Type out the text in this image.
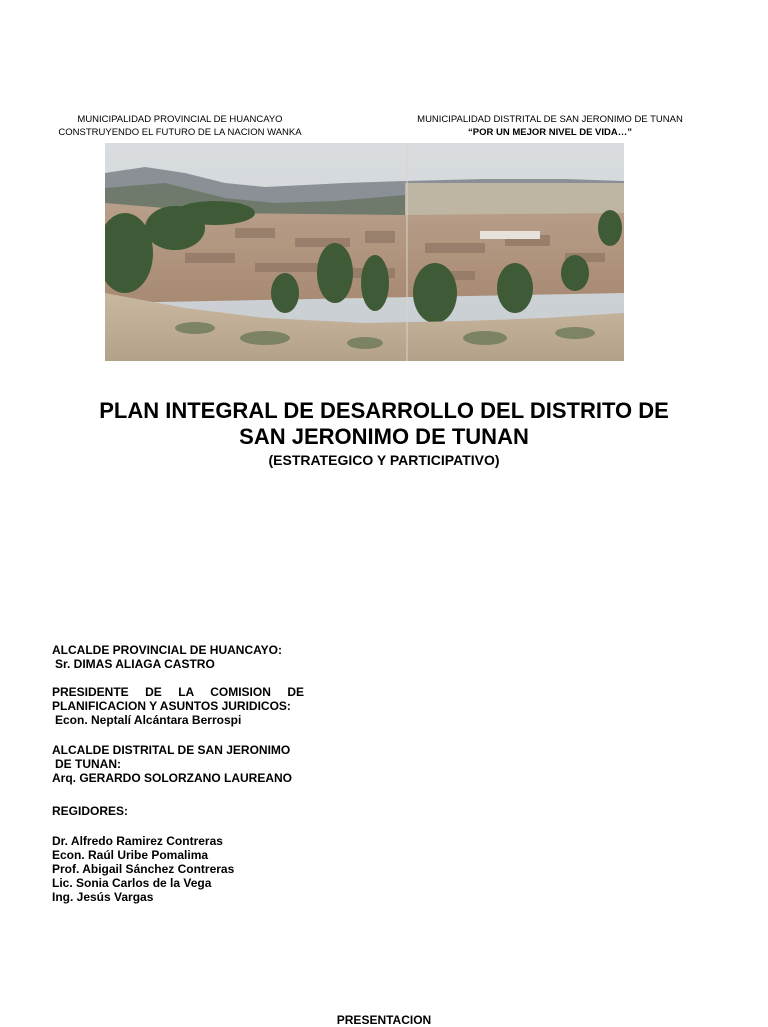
MUNICIPALIDAD PROVINCIAL DE HUANCAYO
CONSTRUYENDO EL FUTURO DE LA NACION WANKA
MUNICIPALIDAD DISTRITAL DE SAN JERONIMO DE TUNAN
“POR UN MEJOR NIVEL DE VIDA…”
PLAN INTEGRAL DE DESARROLLO DEL DISTRITO DE
SAN JERONIMO DE TUNAN
(ESTRATEGICO Y PARTICIPATIVO)
ALCALDE PROVINCIAL DE HUANCAYO:
Sr. DIMAS ALIAGA CASTRO
PRESIDENTE DE LA COMISION DE
PLANIFICACION Y ASUNTOS JURIDICOS:
Econ. Neptalí Alcántara Berrospi
ALCALDE DISTRITAL DE SAN JERONIMO
DE TUNAN:
Arq. GERARDO SOLORZANO LAUREANO
REGIDORES:
Dr. Alfredo Ramirez Contreras
Econ. Raúl Uribe Pomalima
Prof. Abigail Sánchez Contreras
Lic. Sonia Carlos de la Vega
Ing. Jesús Vargas
PRESENTACION
